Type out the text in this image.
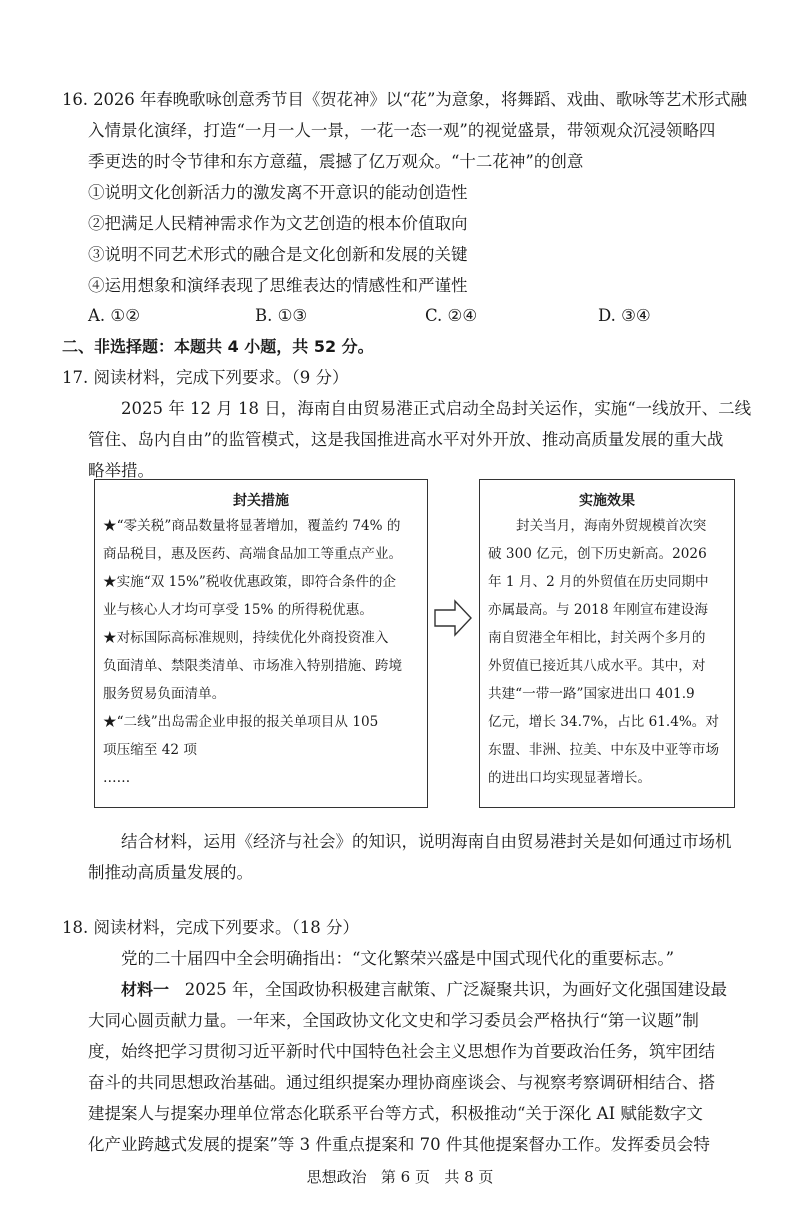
16. 2026 年春晚歌咏创意秀节目《贺花神》以“花”为意象，将舞蹈、戏曲、歌咏等艺术形式融
入情景化演绎，打造“一月一人一景，一花一态一观”的视觉盛景，带领观众沉浸领略四
季更迭的时令节律和东方意蕴，震撼了亿万观众。“十二花神”的创意
①说明文化创新活力的激发离不开意识的能动创造性
②把满足人民精神需求作为文艺创造的根本价值取向
③说明不同艺术形式的融合是文化创新和发展的关键
④运用想象和演绎表现了思维表达的情感性和严谨性
A. ①②	B. ①③	C. ②④	D. ③④
二、非选择题：本题共 4 小题，共 52 分。
17. 阅读材料，完成下列要求。（9 分）
2025 年 12 月 18 日，海南自由贸易港正式启动全岛封关运作，实施“一线放开、二线
管住、岛内自由”的监管模式，这是我国推进高水平对外开放、推动高质量发展的重大战
略举措。
封关措施
★“零关税”商品数量将显著增加，覆盖约 74% 的
商品税目，惠及医药、高端食品加工等重点产业。
★实施“双 15%”税收优惠政策，即符合条件的企
业与核心人才均可享受 15% 的所得税优惠。
★对标国际高标准规则，持续优化外商投资准入
负面清单、禁限类清单、市场准入特别措施、跨境
服务贸易负面清单。
★“二线”出岛需企业申报的报关单项目从 105
项压缩至 42 项
……
实施效果
封关当月，海南外贸规模首次突
破 300 亿元，创下历史新高。2026
年 1 月、2 月的外贸值在历史同期中
亦属最高。与 2018 年刚宣布建设海
南自贸港全年相比，封关两个多月的
外贸值已接近其八成水平。其中，对
共建“一带一路”国家进出口 401.9
亿元，增长 34.7%，占比 61.4%。对
东盟、非洲、拉美、中东及中亚等市场
的进出口均实现显著增长。
结合材料，运用《经济与社会》的知识，说明海南自由贸易港封关是如何通过市场机
制推动高质量发展的。
18. 阅读材料，完成下列要求。（18 分）
党的二十届四中全会明确指出：“文化繁荣兴盛是中国式现代化的重要标志。”
材料一 2025 年，全国政协积极建言献策、广泛凝聚共识，为画好文化强国建设最
大同心圆贡献力量。一年来，全国政协文化文史和学习委员会严格执行“第一议题”制
度，始终把学习贯彻习近平新时代中国特色社会主义思想作为首要政治任务，筑牢团结
奋斗的共同思想政治基础。通过组织提案办理协商座谈会、与视察考察调研相结合、搭
建提案人与提案办理单位常态化联系平台等方式，积极推动“关于深化 AI 赋能数字文
化产业跨越式发展的提案”等 3 件重点提案和 70 件其他提案督办工作。发挥委员会特
思想政治 第 6 页 共 8 页
